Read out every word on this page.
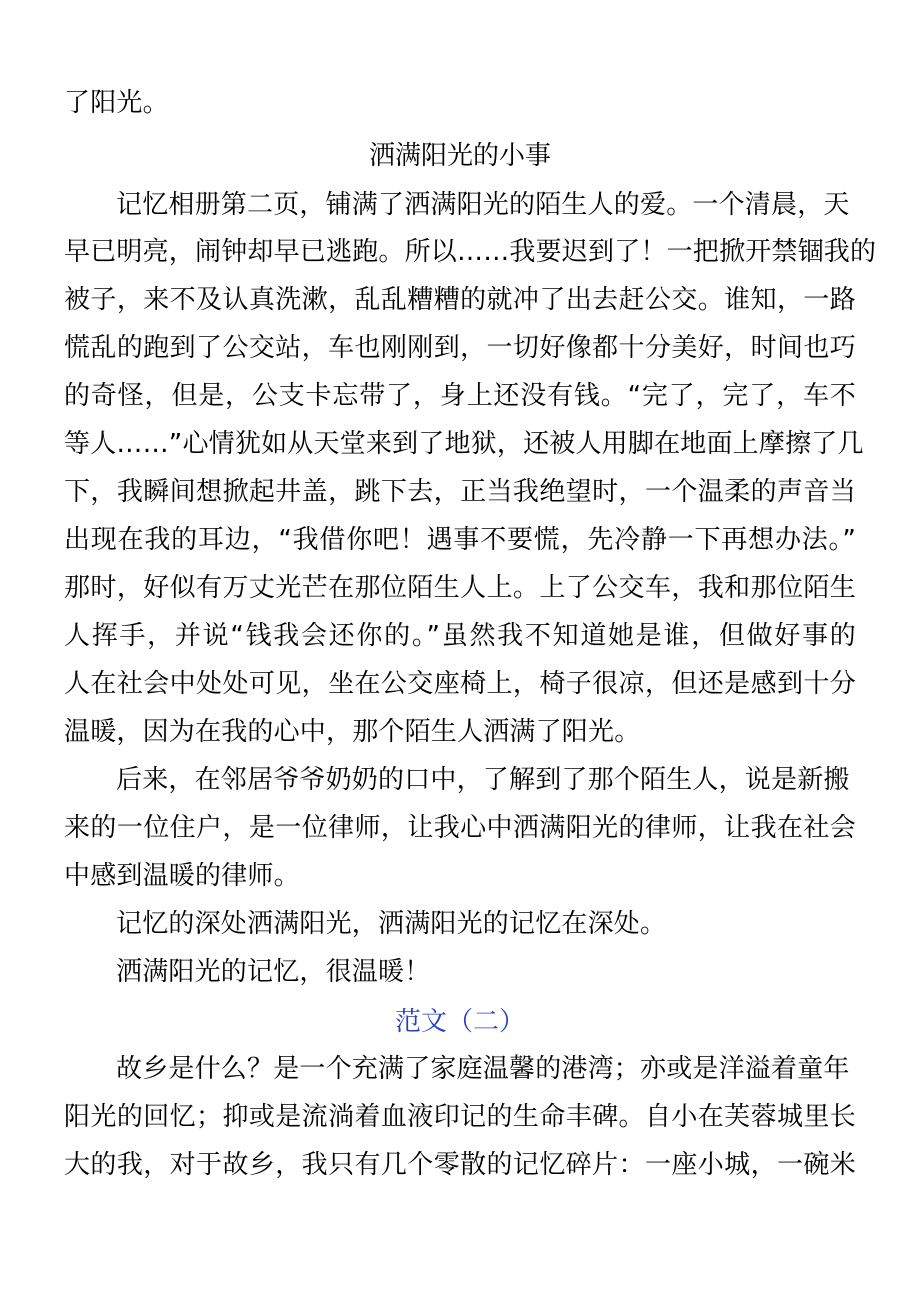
了阳光。
洒满阳光的小事
记忆相册第二页，铺满了洒满阳光的陌生人的爱。一个清晨，天
早已明亮，闹钟却早已逃跑。所以……我要迟到了！一把掀开禁锢我的
被子，来不及认真洗漱，乱乱糟糟的就冲了出去赶公交。谁知，一路
慌乱的跑到了公交站，车也刚刚到，一切好像都十分美好，时间也巧
的奇怪，但是，公支卡忘带了，身上还没有钱。“完了，完了，车不
等人……”心情犹如从天堂来到了地狱，还被人用脚在地面上摩擦了几
下，我瞬间想掀起井盖，跳下去，正当我绝望时，一个温柔的声音当
出现在我的耳边，“我借你吧！遇事不要慌，先冷静一下再想办法。”
那时，好似有万丈光芒在那位陌生人上。上了公交车，我和那位陌生
人挥手，并说“钱我会还你的。”虽然我不知道她是谁，但做好事的
人在社会中处处可见，坐在公交座椅上，椅子很凉，但还是感到十分
温暖，因为在我的心中，那个陌生人洒满了阳光。
后来，在邻居爷爷奶奶的口中，了解到了那个陌生人，说是新搬
来的一位住户，是一位律师，让我心中洒满阳光的律师，让我在社会
中感到温暖的律师。
记忆的深处洒满阳光，洒满阳光的记忆在深处。
洒满阳光的记忆，很温暖！
范文（二）
故乡是什么？是一个充满了家庭温馨的港湾；亦或是洋溢着童年
阳光的回忆；抑或是流淌着血液印记的生命丰碑。自小在芙蓉城里长
大的我，对于故乡，我只有几个零散的记忆碎片：一座小城，一碗米
